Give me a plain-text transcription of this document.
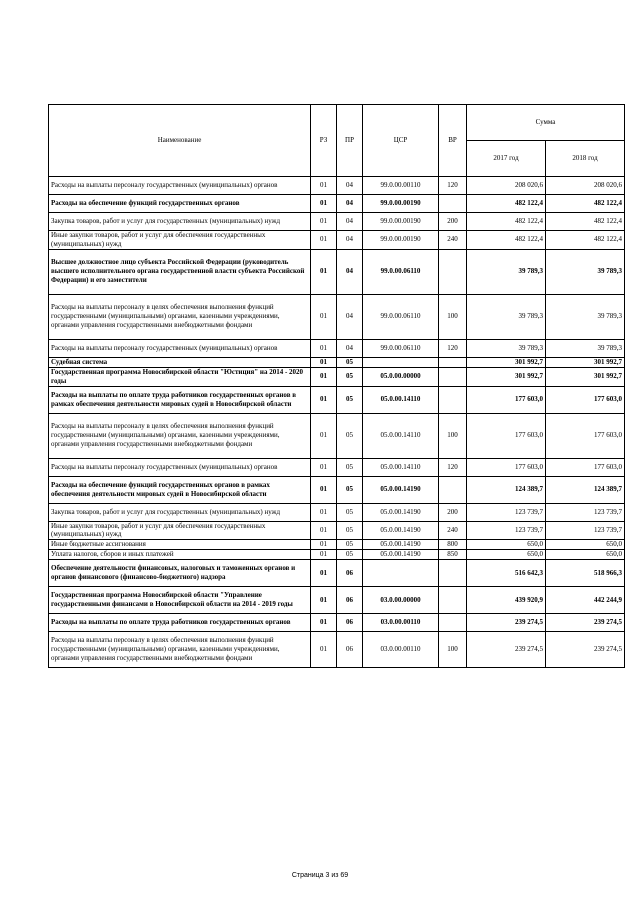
Наименование	РЗ	ПР	ЦСР	ВР	Сумма	
					2017 год	2018 год
Расходы на выплаты персоналу государственных (муниципальных) органов	01	04	99.0.00.00110	120	208 020,6	208 020,6
Расходы на обеспечение функций государственных органов	01	04	99.0.00.00190		482 122,4	482 122,4
Закупка товаров, работ и услуг для государственных (муниципальных) нужд	01	04	99.0.00.00190	200	482 122,4	482 122,4
Иные закупки товаров, работ и услуг для обеспечения государственных (муниципальных) нужд	01	04	99.0.00.00190	240	482 122,4	482 122,4
Высшее должностное лицо субъекта Российской Федерации (руководитель высшего исполнительного органа государственной власти субъекта Российской Федерации) и его заместители	01	04	99.0.00.06110		39 789,3	39 789,3
Расходы на выплаты персоналу в целях обеспечения выполнения функций государственными (муниципальными) органами, казенными учреждениями, органами управления государственными внебюджетными фондами	01	04	99.0.00.06110	100	39 789,3	39 789,3
Расходы на выплаты персоналу государственных (муниципальных) органов	01	04	99.0.00.06110	120	39 789,3	39 789,3
Судебная система	01	05			301 992,7	301 992,7
Государственная программа Новосибирской области "Юстиция" на 2014 - 2020 годы	01	05	05.0.00.00000		301 992,7	301 992,7
Расходы на выплаты по оплате труда работников государственных органов в рамках обеспечения деятельности мировых судей в Новосибирской области	01	05	05.0.00.14110		177 603,0	177 603,0
Расходы на выплаты персоналу в целях обеспечения выполнения функций государственными (муниципальными) органами, казенными учреждениями, органами управления государственными внебюджетными фондами	01	05	05.0.00.14110	100	177 603,0	177 603,0
Расходы на выплаты персоналу государственных (муниципальных) органов	01	05	05.0.00.14110	120	177 603,0	177 603,0
Расходы на обеспечение функций государственных органов в рамках обеспечения деятельности мировых судей в Новосибирской области	01	05	05.0.00.14190		124 389,7	124 389,7
Закупка товаров, работ и услуг для государственных (муниципальных) нужд	01	05	05.0.00.14190	200	123 739,7	123 739,7
Иные закупки товаров, работ и услуг для обеспечения государственных (муниципальных) нужд	01	05	05.0.00.14190	240	123 739,7	123 739,7
Иные бюджетные ассигнования	01	05	05.0.00.14190	800	650,0	650,0
Уплата налогов, сборов и иных платежей	01	05	05.0.00.14190	850	650,0	650,0
Обеспечение деятельности финансовых, налоговых и таможенных органов и органов финансового (финансово-бюджетного) надзора	01	06			516 642,3	518 966,3
Государственная программа Новосибирской области "Управление государственными финансами в Новосибирской области на 2014 - 2019 годы	01	06	03.0.00.00000		439 920,9	442 244,9
Расходы на выплаты по оплате труда работников государственных органов	01	06	03.0.00.00110		239 274,5	239 274,5
Расходы на выплаты персоналу в целях обеспечения выполнения функций государственными (муниципальными) органами, казенными учреждениями, органами управления государственными внебюджетными фондами	01	06	03.0.00.00110	100	239 274,5	239 274,5
Страница 3 из 69
